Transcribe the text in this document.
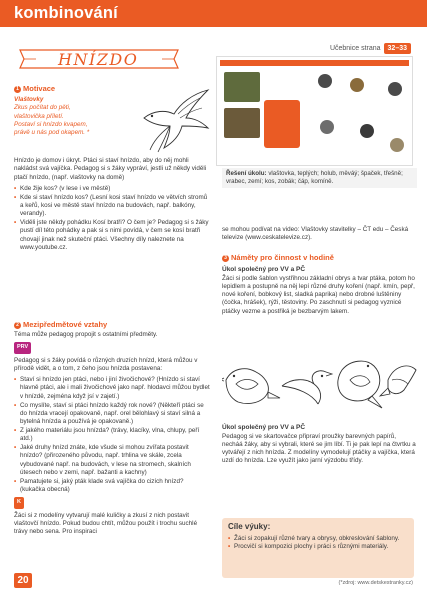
kombinování
HNÍZDO
Učebnice strana 32–33
1 Motivace
Vlaštovky
Zkus počítat do pěti,
vlaštovička přiletí.
Postaví si hnízdo kvapem,
právě u nás pod okapem. *

Hnízdo je domov i úkryt. Ptáci si staví hnízdo, aby do něj mohli nakládst svá vajíčka. Pedagog si s žáky vypráví, jestli už někdy viděli ptačí hnízdo, (např. vlaštovky na domě)

• Kde žije kos? (v lese i ve městě)
• Kde si staví hnízdo kos? (Lesní kosi staví hnízdo ve větvích stromů a keřů, kosi ve městě staví hnízdo na budovách, např. balkóny, verandy).
• Viděli jste někdy pohádku Kosí bratři? O čem je? Pedagog si s žáky pustí díl této pohádky a pak si s nimi povídá, v čem se kosí bratři chovají jinak než skuteční ptáci. Všechny díly naleznete na www.youtube.cz.
2 Mezipředmětové vztahy

Téma může pedagog propojit s ostatními předměty.

PRV

Pedagog si s žáky povídá o různých druzích hnízd, která můžou v přírodě vidět, a o tom, z čeho jsou hnízda postavena:

• Staví si hnízdo jen ptáci, nebo i jiní živočichové? (Hnízdo si staví hlavně ptáci, ale i mali živočichové jako např. hlodavci můžou bydlet v hnízdě, zejména když jsí v zajetí.)
• Co myslíte, staví si ptáci hnízdo každý rok nové? (Někteří ptáci se do hnízda vracejí opakovaně, např. orel bělohlavý si staví silná a bytelná hnízda a používá je opakovaně.)
• Z jakého materiálu jsou hnízda? (trávy, klacíky, vlna, chlupy, peří atd.)
• Jaké druhy hnízd znáte, kde všude si mohou zvířata postavit hnízdo? (přirozeného původu, např. trhlina ve skále, zcela vybudované např. na budovách, v lese na stromech, skalních útesech nebo v zemi, např. bažanti a kachny)
• Pamatujete si, jaký pták klade svá vajíčka do cizích hnízd? (kukačka obecná)
K

Žáci si z modelíny vytvarují malé kuličky a zkusí z nich postavit vlaštovčí hnízdo. Pokud budou chtít, můžou použít i trochu suchlé trávy nebo sena. Pro inspiraci

Řešení úkolu: vlaštovka, teplých; holub, měváý; špaček, třešně; vrabec, zemí; kos, zobák; čáp, komíně.

se mohou podívat na video: Vlaštovky stavitelky – ČT edu – Česká televize (www.ceskatelevize.cz).

3 Náměty pro činnost v hodině
Úkol společný pro VV a PČ

Žáci si podle šablon vystřihnou základní obrys a tvar ptáka, potom ho lepidlem a postupně na něj lepí různé druhy koření (např. kmín, pepř, nové koření, bobkový list, sladká paprika) nebo drobné luštěniny (čočka, hrášek), rýži, těstoviny. Po zaschnutí si pedagog vyznicé ptáčky vezme a postřiká je bezbarvým lakem.

Úkol společný pro VV a PČ

Pedagog si ve skartovačce připraví proužky barevných papírů, necháá žáky, aby si vybrali, které se jim líbí. Ti je pak lepí na čtvrtku a vytvářejí z nich hnízda. Z modelíny vymodelují ptáčky a vajíčka, která uzdí do hnízda. Lze využít jako jarní výzdobu třídy.

Cíle výuky:
• Žáci si zopakují různé tvary a obrysy, obkreslování šablony.
• Procvičí si kompozici plochy i práci s různými materiály.
20	(*zdroj: www.detskestranky.cz)
